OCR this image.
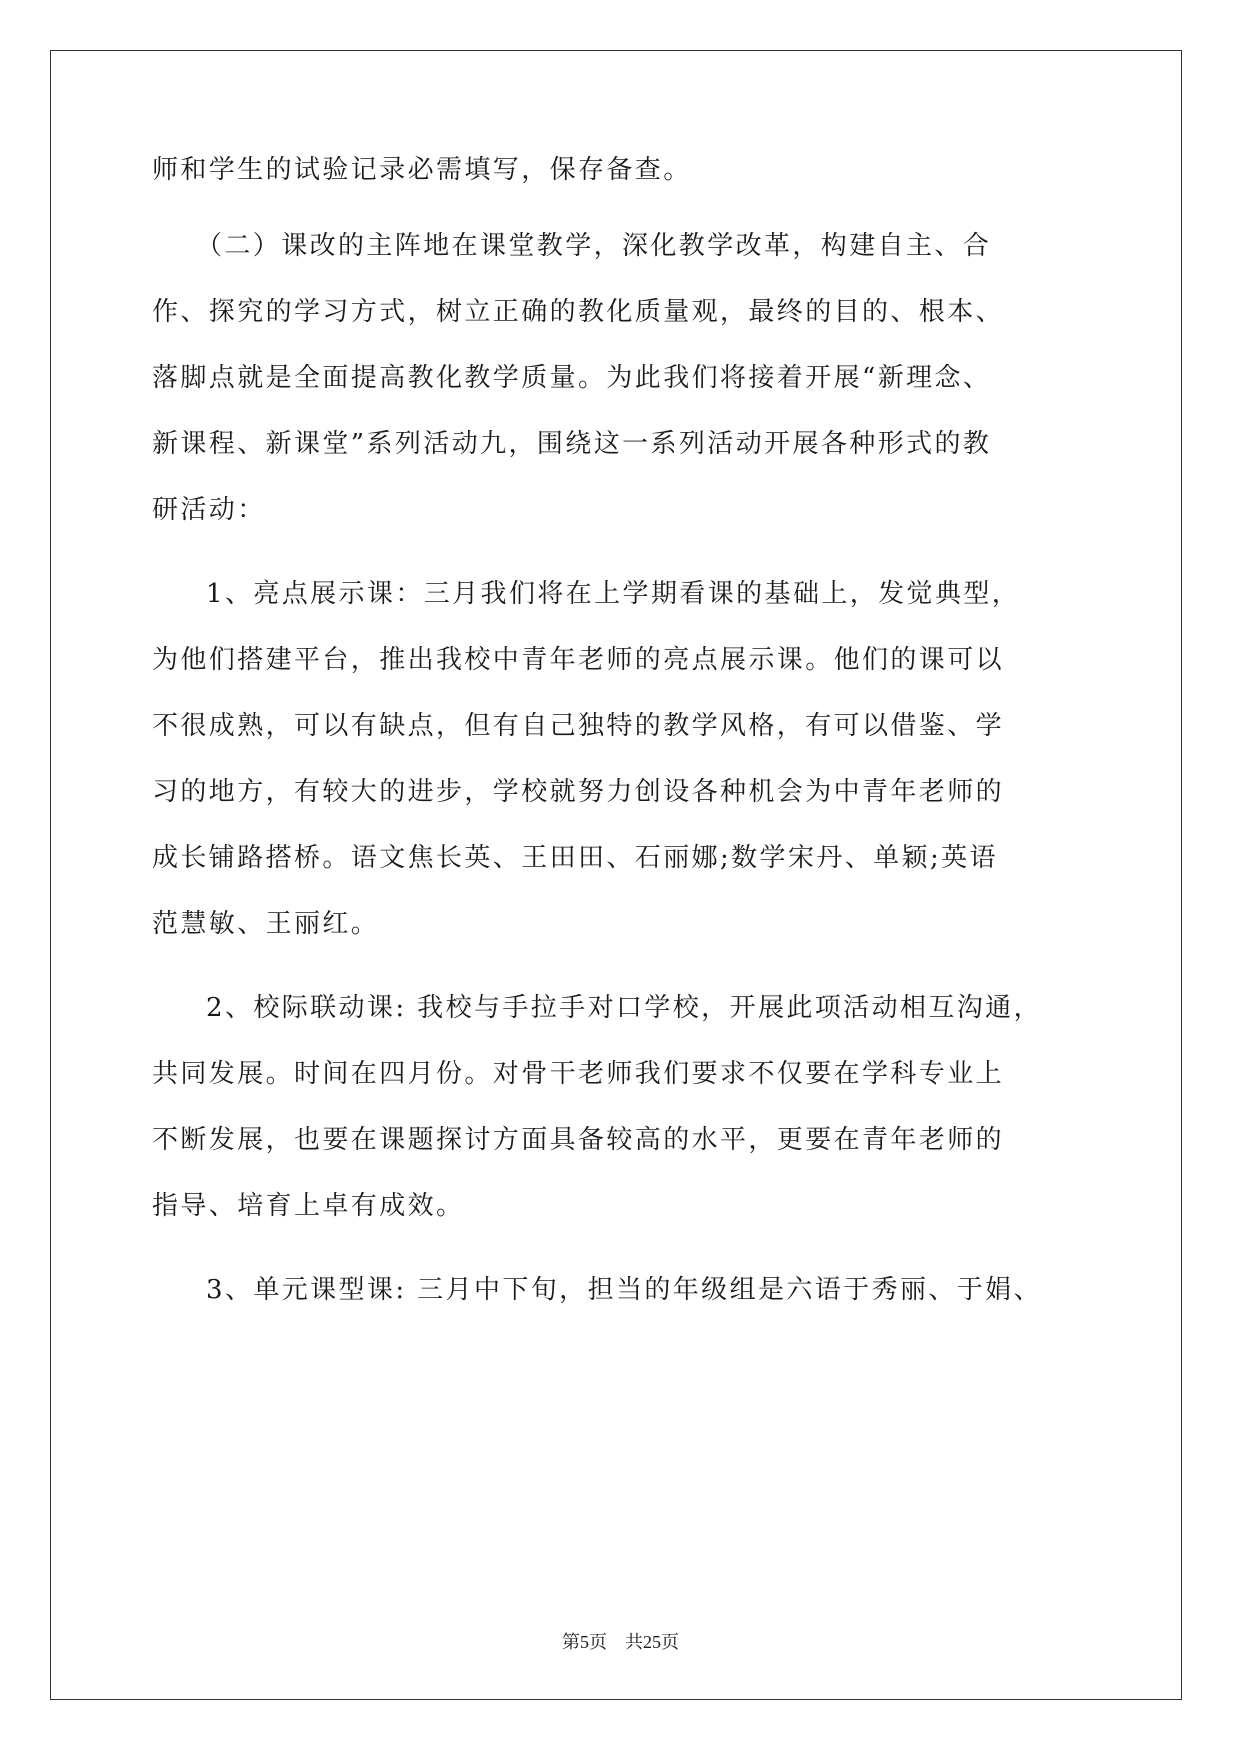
师和学生的试验记录必需填写，保存备查。
（二）课改的主阵地在课堂教学，深化教学改革，构建自主、合
作、探究的学习方式，树立正确的教化质量观，最终的目的、根本、
落脚点就是全面提高教化教学质量。为此我们将接着开展“新理念、
新课程、新课堂”系列活动九，围绕这一系列活动开展各种形式的教
研活动：
1、亮点展示课：三月我们将在上学期看课的基础上，发觉典型，
为他们搭建平台，推出我校中青年老师的亮点展示课。他们的课可以
不很成熟，可以有缺点，但有自己独特的教学风格，有可以借鉴、学
习的地方，有较大的进步，学校就努力创设各种机会为中青年老师的
成长铺路搭桥。语文焦长英、王田田、石丽娜;数学宋丹、单颖;英语
范慧敏、王丽红。
2、校际联动课: 我校与手拉手对口学校，开展此项活动相互沟通，
共同发展。时间在四月份。对骨干老师我们要求不仅要在学科专业上
不断发展，也要在课题探讨方面具备较高的水平，更要在青年老师的
指导、培育上卓有成效。
3、单元课型课: 三月中下旬，担当的年级组是六语于秀丽、于娟、
第5页　共25页
